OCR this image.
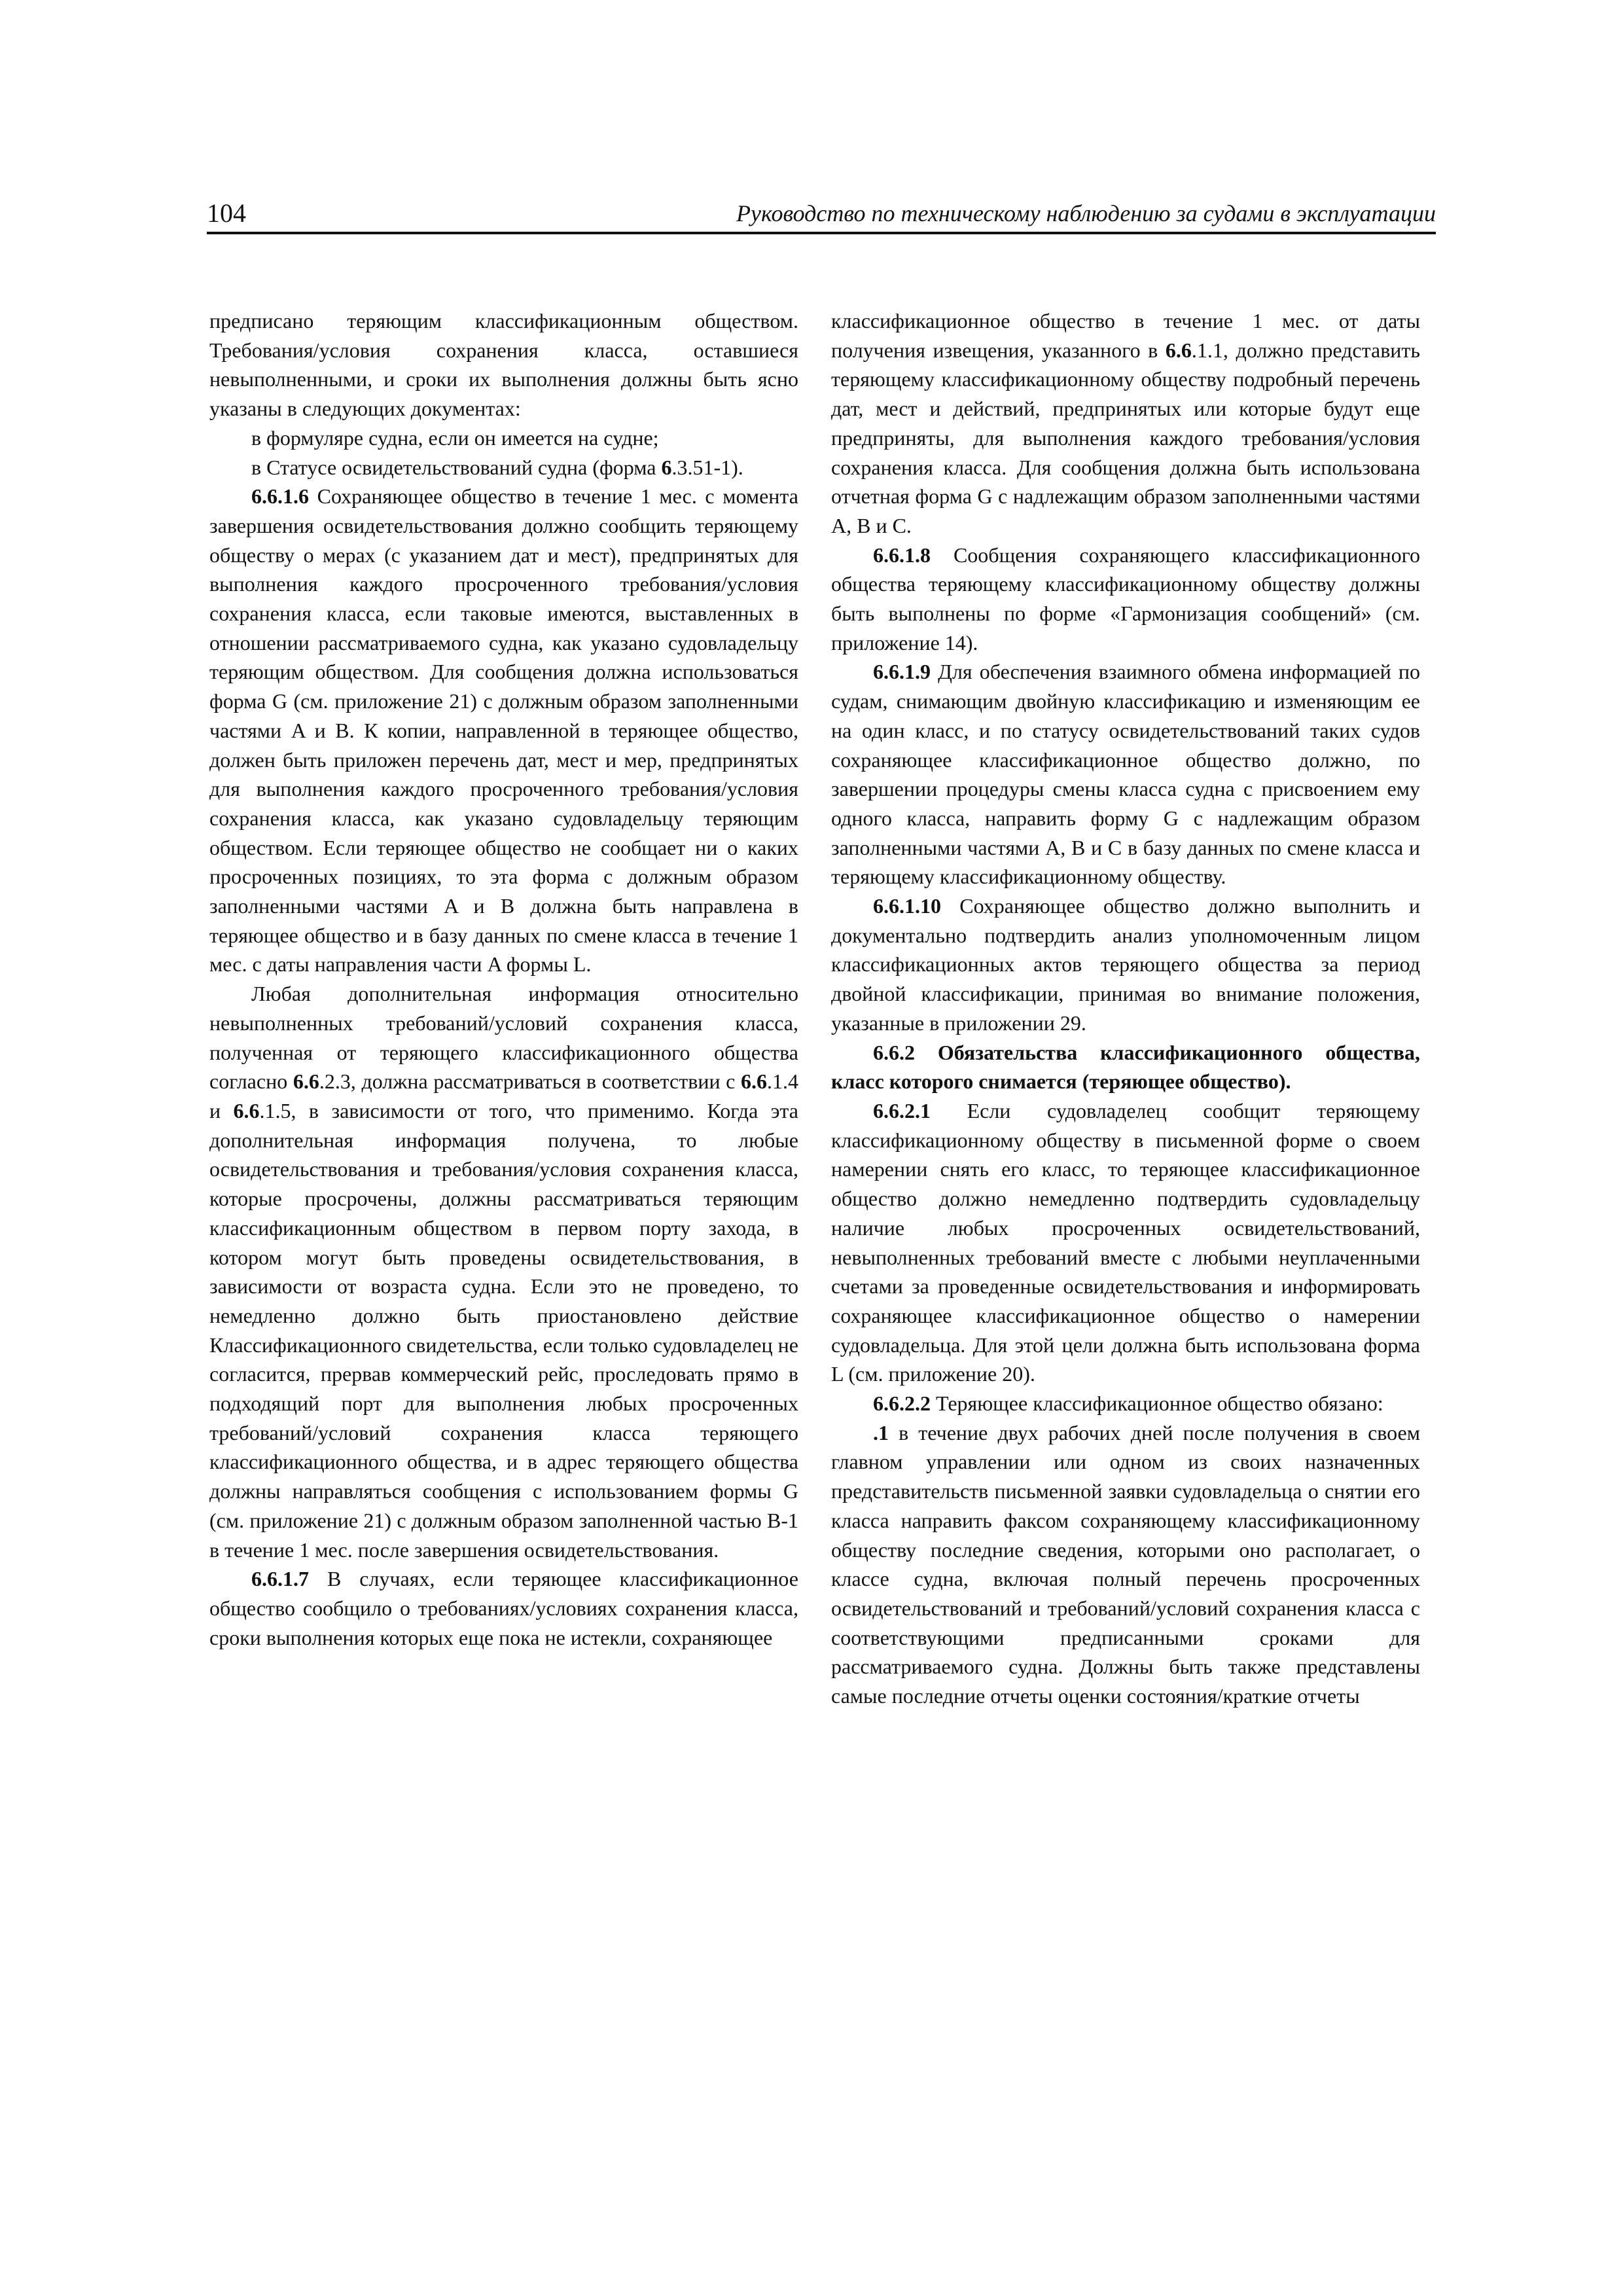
104	Руководство по техническому наблюдению за судами в эксплуатации

предписано теряющим классификационным обществом. Требования/условия сохранения класса, оставшиеся невыполненными, и сроки их выполнения должны быть ясно указаны в следующих документах:

в формуляре судна, если он имеется на судне;

в Статусе освидетельствований судна (форма 6.3.51-1).

6.6.1.6 Сохраняющее общество в течение 1 мес. с момента завершения освидетельствования должно сообщить теряющему обществу о мерах (с указанием дат и мест), предпринятых для выполнения каждого просроченного требования/условия сохранения класса, если таковые имеются, выставленных в отношении рассматриваемого судна, как указано судовладельцу теряющим обществом. Для сообщения должна использоваться форма G (см. приложение 21) с должным образом заполненными частями A и B. К копии, направленной в теряющее общество, должен быть приложен перечень дат, мест и мер, предпринятых для выполнения каждого просроченного требования/условия сохранения класса, как указано судовладельцу теряющим обществом. Если теряющее общество не сообщает ни о каких просроченных позициях, то эта форма с должным образом заполненными частями A и B должна быть направлена в теряющее общество и в базу данных по смене класса в течение 1 мес. с даты направления части A формы L.

Любая дополнительная информация относительно невыполненных требований/условий сохранения класса, полученная от теряющего классификационного общества согласно 6.6.2.3, должна рассматриваться в соответствии с 6.6.1.4 и 6.6.1.5, в зависимости от того, что применимо. Когда эта дополнительная информация получена, то любые освидетельствования и требования/условия сохранения класса, которые просрочены, должны рассматриваться теряющим классификационным обществом в первом порту захода, в котором могут быть проведены освидетельствования, в зависимости от возраста судна. Если это не проведено, то немедленно должно быть приостановлено действие Классификационного свидетельства, если только судовладелец не согласится, прервав коммерческий рейс, проследовать прямо в подходящий порт для выполнения любых просроченных требований/условий сохранения класса теряющего классификационного общества, и в адрес теряющего общества должны направляться сообщения с использованием формы G (см. приложение 21) с должным образом заполненной частью B-1 в течение 1 мес. после завершения освидетельствования.

6.6.1.7 В случаях, если теряющее классификационное общество сообщило о требованиях/условиях сохранения класса, сроки выполнения которых еще пока не истекли, сохраняющее

классификационное общество в течение 1 мес. от даты получения извещения, указанного в 6.6.1.1, должно представить теряющему классификационному обществу подробный перечень дат, мест и действий, предпринятых или которые будут еще предприняты, для выполнения каждого требования/условия сохранения класса. Для сообщения должна быть использована отчетная форма G с надлежащим образом заполненными частями A, B и C.

6.6.1.8 Сообщения сохраняющего классификационного общества теряющему классификационному обществу должны быть выполнены по форме «Гармонизация сообщений» (см. приложение 14).

6.6.1.9 Для обеспечения взаимного обмена информацией по судам, снимающим двойную классификацию и изменяющим ее на один класс, и по статусу освидетельствований таких судов сохраняющее классификационное общество должно, по завершении процедуры смены класса судна с присвоением ему одного класса, направить форму G с надлежащим образом заполненными частями A, B и C в базу данных по смене класса и теряющему классификационному обществу.

6.6.1.10 Сохраняющее общество должно выполнить и документально подтвердить анализ уполномоченным лицом классификационных актов теряющего общества за период двойной классификации, принимая во внимание положения, указанные в приложении 29.

6.6.2 Обязательства классификационного общества, класс которого снимается (теряющее общество).

6.6.2.1 Если судовладелец сообщит теряющему классификационному обществу в письменной форме о своем намерении снять его класс, то теряющее классификационное общество должно немедленно подтвердить судовладельцу наличие любых просроченных освидетельствований, невыполненных требований вместе с любыми неуплаченными счетами за проведенные освидетельствования и информировать сохраняющее классификационное общество о намерении судовладельца. Для этой цели должна быть использована форма L (см. приложение 20).

6.6.2.2 Теряющее классификационное общество обязано:

.1 в течение двух рабочих дней после получения в своем главном управлении или одном из своих назначенных представительств письменной заявки судовладельца о снятии его класса направить факсом сохраняющему классификационному обществу последние сведения, которыми оно располагает, о классе судна, включая полный перечень просроченных освидетельствований и требований/условий сохранения класса с соответствующими предписанными сроками для рассматриваемого судна. Должны быть также представлены самые последние отчеты оценки состояния/краткие отчеты
